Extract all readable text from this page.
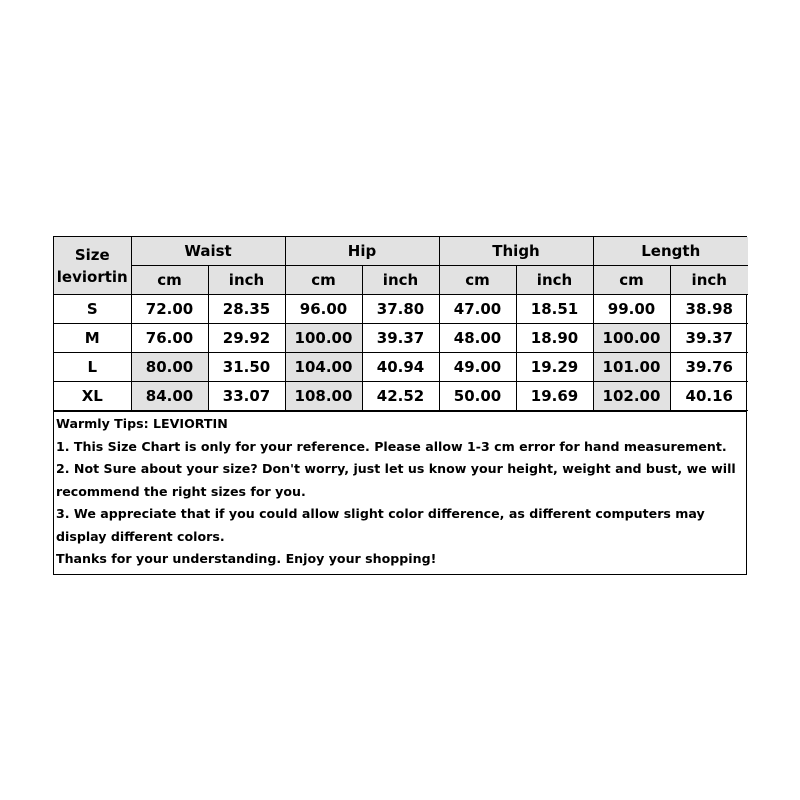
Size
leviortin	Waist		Hip		Thigh		Length	
	cm	inch	cm	inch	cm	inch	cm	inch
S	72.00	28.35	96.00	37.80	47.00	18.51	99.00	38.98
M	76.00	29.92	100.00	39.37	48.00	18.90	100.00	39.37
L	80.00	31.50	104.00	40.94	49.00	19.29	101.00	39.76
XL	84.00	33.07	108.00	42.52	50.00	19.69	102.00	40.16
Warmly Tips: LEVIORTIN
1. This Size Chart is only for your reference. Please allow 1-3 cm error for hand measurement.
2. Not Sure about your size? Don't worry, just let us know your height, weight and bust, we will recommend the right sizes for you.
3. We appreciate that if you could allow slight color difference, as different computers may display different colors.
Thanks for your understanding. Enjoy your shopping!
